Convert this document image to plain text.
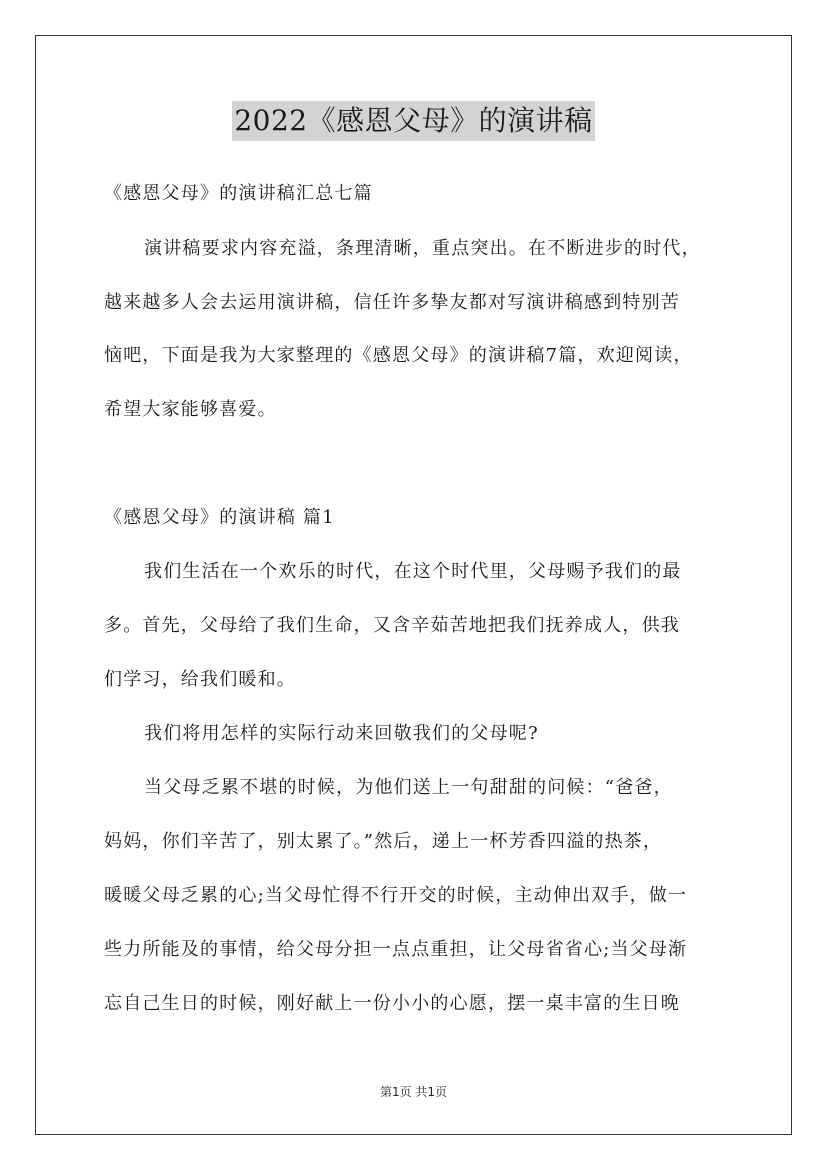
2022《感恩父母》的演讲稿

《感恩父母》的演讲稿汇总七篇

演讲稿要求内容充溢，条理清晰，重点突出。在不断进步的时代，

越来越多人会去运用演讲稿，信任许多挚友都对写演讲稿感到特别苦

恼吧，下面是我为大家整理的《感恩父母》的演讲稿7篇，欢迎阅读，

希望大家能够喜爱。

《感恩父母》的演讲稿 篇1

我们生活在一个欢乐的时代，在这个时代里，父母赐予我们的最

多。首先，父母给了我们生命，又含辛茹苦地把我们抚养成人，供我

们学习，给我们暖和。

我们将用怎样的实际行动来回敬我们的父母呢?

当父母乏累不堪的时候，为他们送上一句甜甜的问候：“爸爸，

妈妈，你们辛苦了，别太累了。”然后，递上一杯芳香四溢的热茶，

暖暖父母乏累的心;当父母忙得不行开交的时候，主动伸出双手，做一

些力所能及的事情，给父母分担一点点重担，让父母省省心;当父母渐

忘自己生日的时候，刚好献上一份小小的心愿，摆一桌丰富的生日晚

第1页 共1页
